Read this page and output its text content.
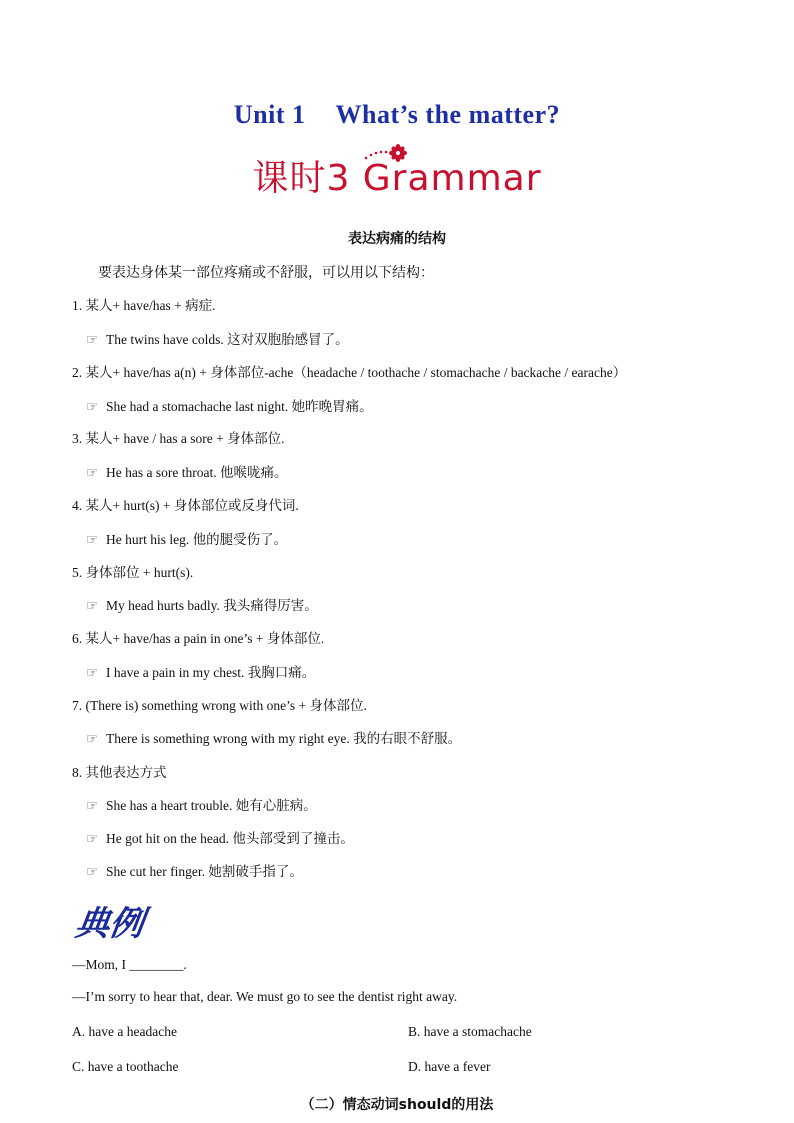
Unit 1 What’s the matter?
课时3 Grammar
表达病痛的结构
要表达身体某一部位疼痛或不舒服，可以用以下结构：
1. 某人+ have/has + 病症.
☞ The twins have colds. 这对双胞胎感冒了。
2. 某人+ have/has a(n) + 身体部位-ache（headache / toothache / stomachache / backache / earache）
☞ She had a stomachache last night. 她昨晚胃痛。
3. 某人+ have / has a sore + 身体部位.
☞ He has a sore throat. 他喉咙痛。
4. 某人+ hurt(s) + 身体部位或反身代词.
☞ He hurt his leg. 他的腿受伤了。
5. 身体部位 + hurt(s).
☞ My head hurts badly. 我头痛得厉害。
6. 某人+ have/has a pain in one’s + 身体部位.
☞ I have a pain in my chest. 我胸口痛。
7. (There is) something wrong with one’s + 身体部位.
☞ There is something wrong with my right eye. 我的右眼不舒服。
8. 其他表达方式
☞ She has a heart trouble. 她有心脏病。
☞ He got hit on the head. 他头部受到了撞击。
☞ She cut her finger. 她割破手指了。
典例
—Mom, I ________.
—I’m sorry to hear that, dear. We must go to see the dentist right away.
A. have a headache	B. have a stomachache
C. have a toothache	D. have a fever
（二）情态动词should的用法
